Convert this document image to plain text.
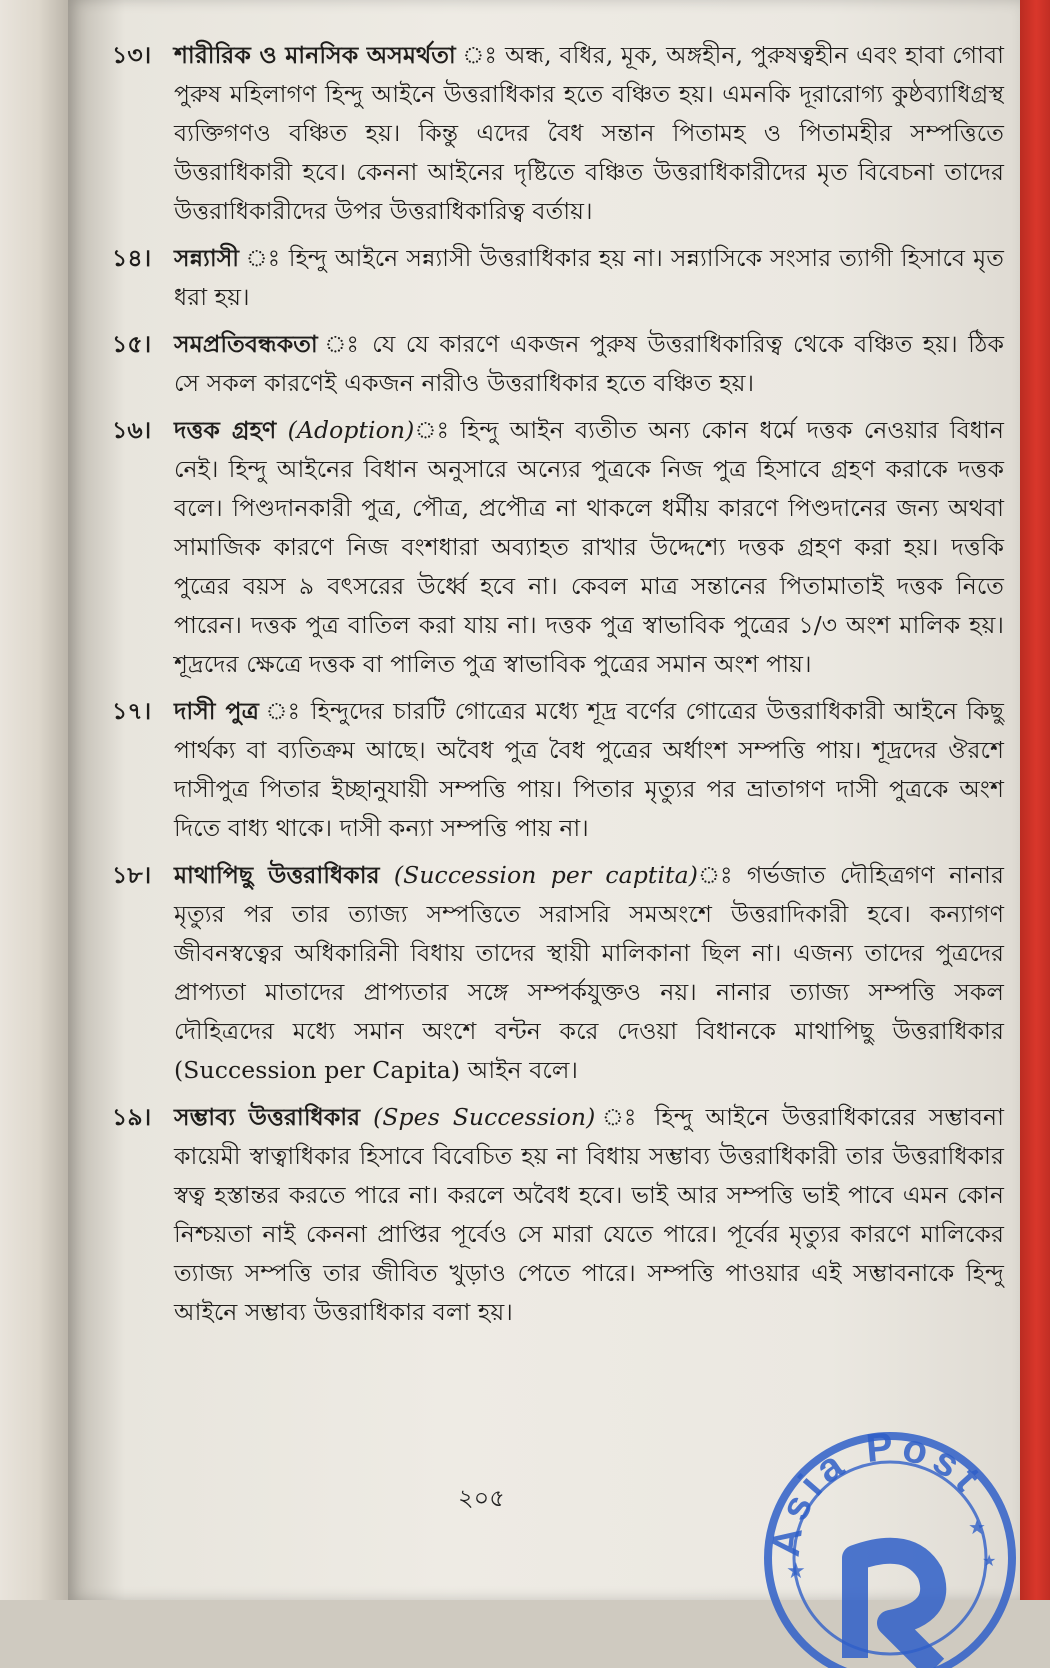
১৩। শারীরিক ও মানসিক অসমর্থতা ঃ অন্ধ, বধির, মূক, অঙ্গহীন, পুরুষত্বহীন এবং হাবা গোবা পুরুষ মহিলাগণ হিন্দু আইনে উত্তরাধিকার হতে বঞ্চিত হয়। এমনকি দূরারোগ্য কুষ্ঠব্যাধিগ্রস্থ ব্যক্তিগণও বঞ্চিত হয়। কিন্তু এদের বৈধ সন্তান পিতামহ ও পিতামহীর সম্পত্তিতে উত্তরাধিকারী হবে। কেননা আইনের দৃষ্টিতে বঞ্চিত উত্তরাধিকারীদের মৃত বিবেচনা তাদের উত্তরাধিকারীদের উপর উত্তরাধিকারিত্ব বর্তায়।
১৪। সন্ন্যাসী ঃ হিন্দু আইনে সন্ন্যাসী উত্তরাধিকার হয় না। সন্ন্যাসিকে সংসার ত্যাগী হিসাবে মৃত ধরা হয়।
১৫। সমপ্রতিবন্ধকতা ঃ যে যে কারণে একজন পুরুষ উত্তরাধিকারিত্ব থেকে বঞ্চিত হয়। ঠিক সে সকল কারণেই একজন নারীও উত্তরাধিকার হতে বঞ্চিত হয়।
১৬। দত্তক গ্রহণ (Adoption)ঃ হিন্দু আইন ব্যতীত অন্য কোন ধর্মে দত্তক নেওয়ার বিধান নেই। হিন্দু আইনের বিধান অনুসারে অন্যের পুত্রকে নিজ পুত্র হিসাবে গ্রহণ করাকে দত্তক বলে। পিণ্ডদানকারী পুত্র, পৌত্র, প্রপৌত্র না থাকলে ধর্মীয় কারণে পিণ্ডদানের জন্য অথবা সামাজিক কারণে নিজ বংশধারা অব্যাহত রাখার উদ্দেশ্যে দত্তক গ্রহণ করা হয়। দত্তকি পুত্রের বয়স ৯ বৎসরের উর্ধ্বে হবে না। কেবল মাত্র সন্তানের পিতামাতাই দত্তক নিতে পারেন। দত্তক পুত্র বাতিল করা যায় না। দত্তক পুত্র স্বাভাবিক পুত্রের ১/৩ অংশ মালিক হয়। শূদ্রদের ক্ষেত্রে দত্তক বা পালিত পুত্র স্বাভাবিক পুত্রের সমান অংশ পায়।
১৭। দাসী পুত্র ঃ হিন্দুদের চারটি গোত্রের মধ্যে শূদ্র বর্ণের গোত্রের উত্তরাধিকারী আইনে কিছু পার্থক্য বা ব্যতিক্রম আছে। অবৈধ পুত্র বৈধ পুত্রের অর্ধাংশ সম্পত্তি পায়। শূদ্রদের ঔরশে দাসীপুত্র পিতার ইচ্ছানুযায়ী সম্পত্তি পায়। পিতার মৃত্যুর পর ভ্রাতাগণ দাসী পুত্রকে অংশ দিতে বাধ্য থাকে। দাসী কন্যা সম্পত্তি পায় না।
১৮। মাথাপিছু উত্তরাধিকার (Succession per captita)ঃ গর্ভজাত দৌহিত্রগণ নানার মৃত্যুর পর তার ত্যাজ্য সম্পত্তিতে সরাসরি সমঅংশে উত্তরাদিকারী হবে। কন্যাগণ জীবনস্বত্বের অধিকারিনী বিধায় তাদের স্থায়ী মালিকানা ছিল না। এজন্য তাদের পুত্রদের প্রাপ্যতা মাতাদের প্রাপ্যতার সঙ্গে সম্পর্কযুক্তও নয়। নানার ত্যাজ্য সম্পত্তি সকল দৌহিত্রদের মধ্যে সমান অংশে বন্টন করে দেওয়া বিধানকে মাথাপিছু উত্তরাধিকার (Succession per Capita) আইন বলে।
১৯। সম্ভাব্য উত্তরাধিকার (Spes Succession) ঃ হিন্দু আইনে উত্তরাধিকারের সম্ভাবনা কায়েমী স্বাত্বাধিকার হিসাবে বিবেচিত হয় না বিধায় সম্ভাব্য উত্তরাধিকারী তার উত্তরাধিকার স্বত্ব হস্তান্তর করতে পারে না। করলে অবৈধ হবে। ভাই আর সম্পত্তি ভাই পাবে এমন কোন নিশ্চয়তা নাই কেননা প্রাপ্তির পূর্বেও সে মারা যেতে পারে। পূর্বের মৃত্যুর কারণে মালিকের ত্যাজ্য সম্পত্তি তার জীবিত খুড়াও পেতে পারে। সম্পত্তি পাওয়ার এই সম্ভাবনাকে হিন্দু আইনে সম্ভাব্য উত্তরাধিকার বলা হয়।
২০৫
Asia Post
★
★
★
